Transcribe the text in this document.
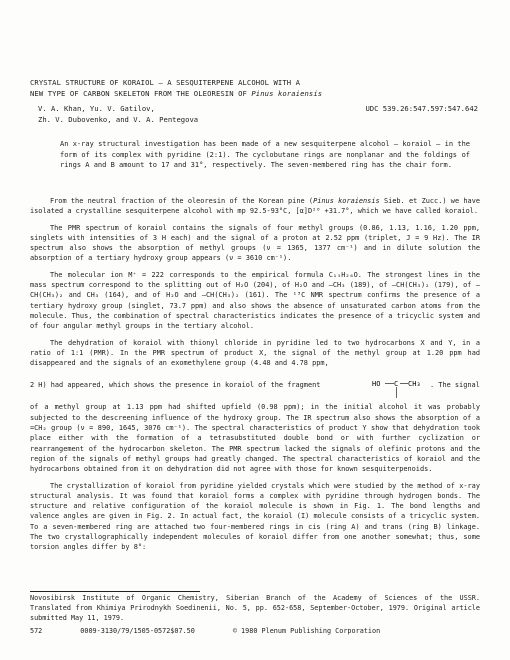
CRYSTAL STRUCTURE OF KORAIOL — A SESQUITERPENE ALCOHOL WITH A
NEW TYPE OF CARBON SKELETON FROM THE OLEORESIN OF Pinus koraiensis
V. A. Khan, Yu. V. Gatilov,	UDC 539.26:547.597:547.642
Zh. V. Dubovenko, and V. A. Pentegova
An x-ray structural investigation has been made of a new sesquiterpene alcohol — koraiol — in the form of its complex with pyridine (2:1). The cyclobutane rings are nonplanar and the foldings of rings A and B amount to 17 and 31°, respectively. The seven-membered ring has the chair form.

From the neutral fraction of the oleoresin of the Korean pine (Pinus koraiensis Sieb. et Zucc.) we have isolated a crystalline sesquiterpene alcohol with mp 92.5-93°C, [α]D²⁰ +31.7°, which we have called koraiol.

The PMR spectrum of koraiol contains the signals of four methyl groups (0.86, 1.13, 1.16, 1.20 ppm, singlets with intensities of 3 H each) and the signal of a proton at 2.52 ppm (triplet, J = 9 Hz). The IR spectrum also shows the absorption of methyl groups (ν = 1365, 1377 cm⁻¹) and in dilute solution the absorption of a tertiary hydroxy group appears (ν = 3610 cm⁻¹).

The molecular ion M⁺ = 222 corresponds to the empirical formula C₁₅H₂₆O. The strongest lines in the mass spectrum correspond to the splitting out of H₂O (204), of H₂O and –CH₃ (189), of –CH(CH₃)₂ (179), of –CH(CH₃)₂ and CH₃ (164), and of H₂O and –CH(CH₃)₂ (161). The ¹³C NMR spectrum confirms the presence of a tertiary hydroxy group (singlet, 73.7 ppm) and also shows the absence of unsaturated carbon atoms from the molecule. Thus, the combination of spectral characteristics indicates the presence of a tricyclic system and of four angular methyl groups in the tertiary alcohol.

The dehydration of koraiol with thionyl chloride in pyridine led to two hydrocarbons X and Y, in a ratio of 1:1 (PMR). In the PMR spectrum of product X, the signal of the methyl group at 1.20 ppm had disappeared and the signals of an exomethylene group (4.48 and 4.78 ppm,

2 H) had appeared, which shows the presence in koraiol of the fragment	HO C CH₃ . The signal

of a methyl group at 1.13 ppm had shifted upfield (0.98 ppm); in the initial alcohol it was probably subjected to the descreening influence of the hydroxy group. The IR spectrum also shows the absorption of a =CH₂ group (ν = 890, 1645, 3076 cm⁻¹). The spectral characteristics of product Y show that dehydration took place either with the formation of a tetrasubstituted double bond or with further cyclization or rearrangement of the hydrocarbon skeleton. The PMR spectrum lacked the signals of olefinic protons and the region of the signals of methyl groups had greatly changed. The spectral characteristics of koraiol and the hydrocarbons obtained from it on dehydration did not agree with those for known sesquiterpenoids.

The crystallization of koraiol from pyridine yielded crystals which were studied by the method of x-ray structural analysis. It was found that koraiol forms a complex with pyridine through hydrogen bonds. The structure and relative configuration of the koraiol molecule is shown in Fig. 1. The bond lengths and valence angles are given in Fig. 2. In actual fact, the koraiol (I) molecule consists of a tricyclic system. To a seven-membered ring are attached two four-membered rings in cis (ring A) and trans (ring B) linkage. The two crystallographically independent molecules of koraiol differ from one another somewhat; thus, some torsion angles differ by 8°:

Novosibirsk Institute of Organic Chemistry, Siberian Branch of the Academy of Sciences of the USSR. Translated from Khimiya Prirodnykh Soedinenii, No. 5, pp. 652-658, September-October, 1979. Original article submitted May 11, 1979.
572	0009-3130/79/1505-0572$07.50	© 1980 Plenum Publishing Corporation
